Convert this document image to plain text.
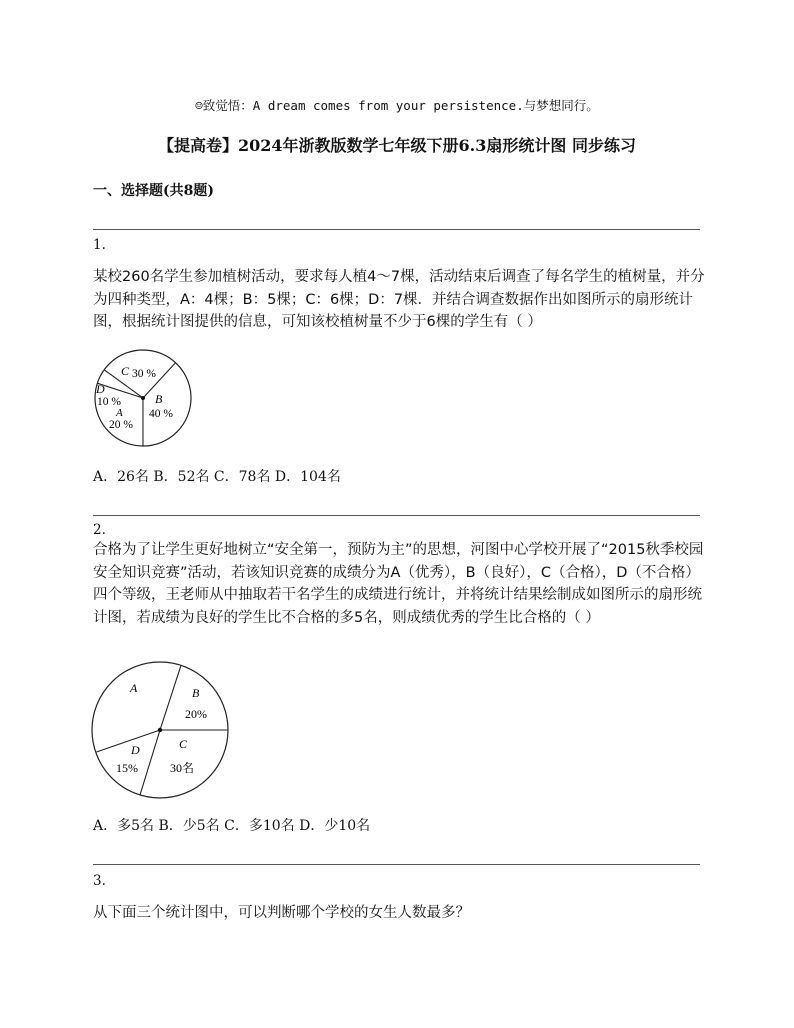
☺致觉悟：A dream comes from your persistence.与梦想同行。
【提高卷】2024年浙教版数学七年级下册6.3扇形统计图 同步练习
一、选择题(共8题)
1.
某校260名学生参加植树活动，要求每人植4～7棵，活动结束后调查了每名学生的植树量，并分为四种类型，A：4棵；B：5棵；C：6棵；D：7棵．并结合调查数据作出如图所示的扇形统计图，根据统计图提供的信息，可知该校植树量不少于6棵的学生有（ ）
C 30 %
B
40 %
D
10 %
A
20 %
A．26名 B．52名 C．78名 D．104名
2.
合格为了让学生更好地树立“安全第一，预防为主”的思想，河图中心学校开展了“2015秋季校园安全知识竞赛”活动，若该知识竞赛的成绩分为A（优秀），B（良好），C（合格），D（不合格）四个等级，王老师从中抽取若干名学生的成绩进行统计，并将统计结果绘制成如图所示的扇形统计图，若成绩为良好的学生比不合格的多5名，则成绩优秀的学生比合格的（ ）
A	B
20%
C
30名
D
15%
A．多5名 B．少5名 C．多10名 D．少10名
3.
从下面三个统计图中，可以判断哪个学校的女生人数最多？
